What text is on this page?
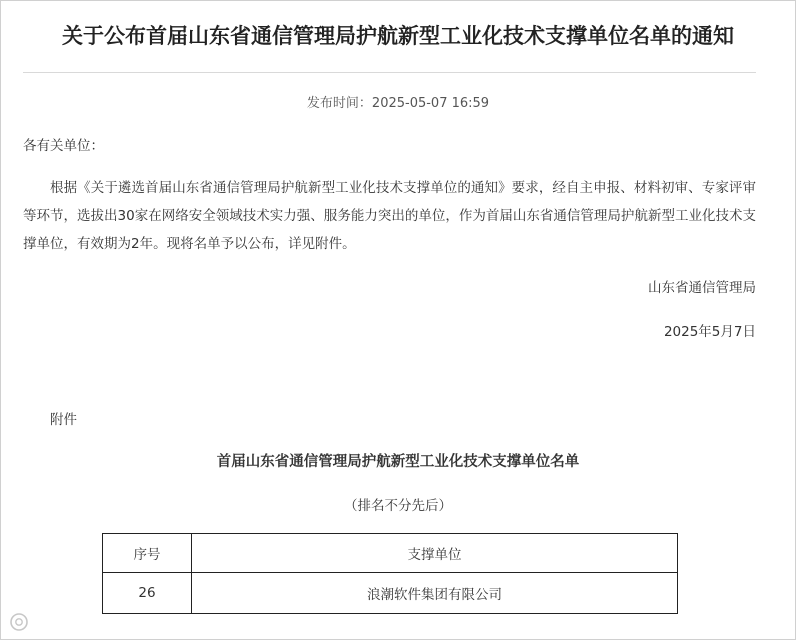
关于公布首届山东省通信管理局护航新型工业化技术支撑单位名单的通知
发布时间：2025-05-07 16:59
各有关单位：

根据《关于遴选首届山东省通信管理局护航新型工业化技术支撑单位的通知》要求，经自主申报、材料初审、专家评审等环节，选拔出30家在网络安全领域技术实力强、服务能力突出的单位，作为首届山东省通信管理局护航新型工业化技术支撑单位，有效期为2年。现将名单予以公布，详见附件。

山东省通信管理局
2025年5月7日
附件
首届山东省通信管理局护航新型工业化技术支撑单位名单
（排名不分先后）
序号	支撑单位
26	浪潮软件集团有限公司
